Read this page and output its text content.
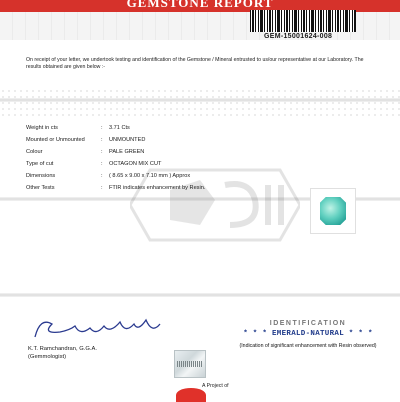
GEMSTONE REPORT
GEM-15001624-008
On receipt of your letter, we undertook testing and identification of the Gemstone / Mineral entrusted to us/our representative at our Laboratory. The results obtained are given below :-
Weight in cts	: 3.71 Cts
Mounted or Unmounted	: UNMOUNTED
Colour	: PALE GREEN
Type of cut	: OCTAGON MIX CUT
Dimensions	: ( 8.65 x 9.00 x 7.10 mm ) Approx
Other Tests	: FTIR indicates enhancement by Resin.
K.T. Ramchandran, G.G.A.
(Gemmologist)
IDENTIFICATION
* * * EMERALD-NATURAL * * *
(Indication of significant enhancement with Resin observed)
A Project of
